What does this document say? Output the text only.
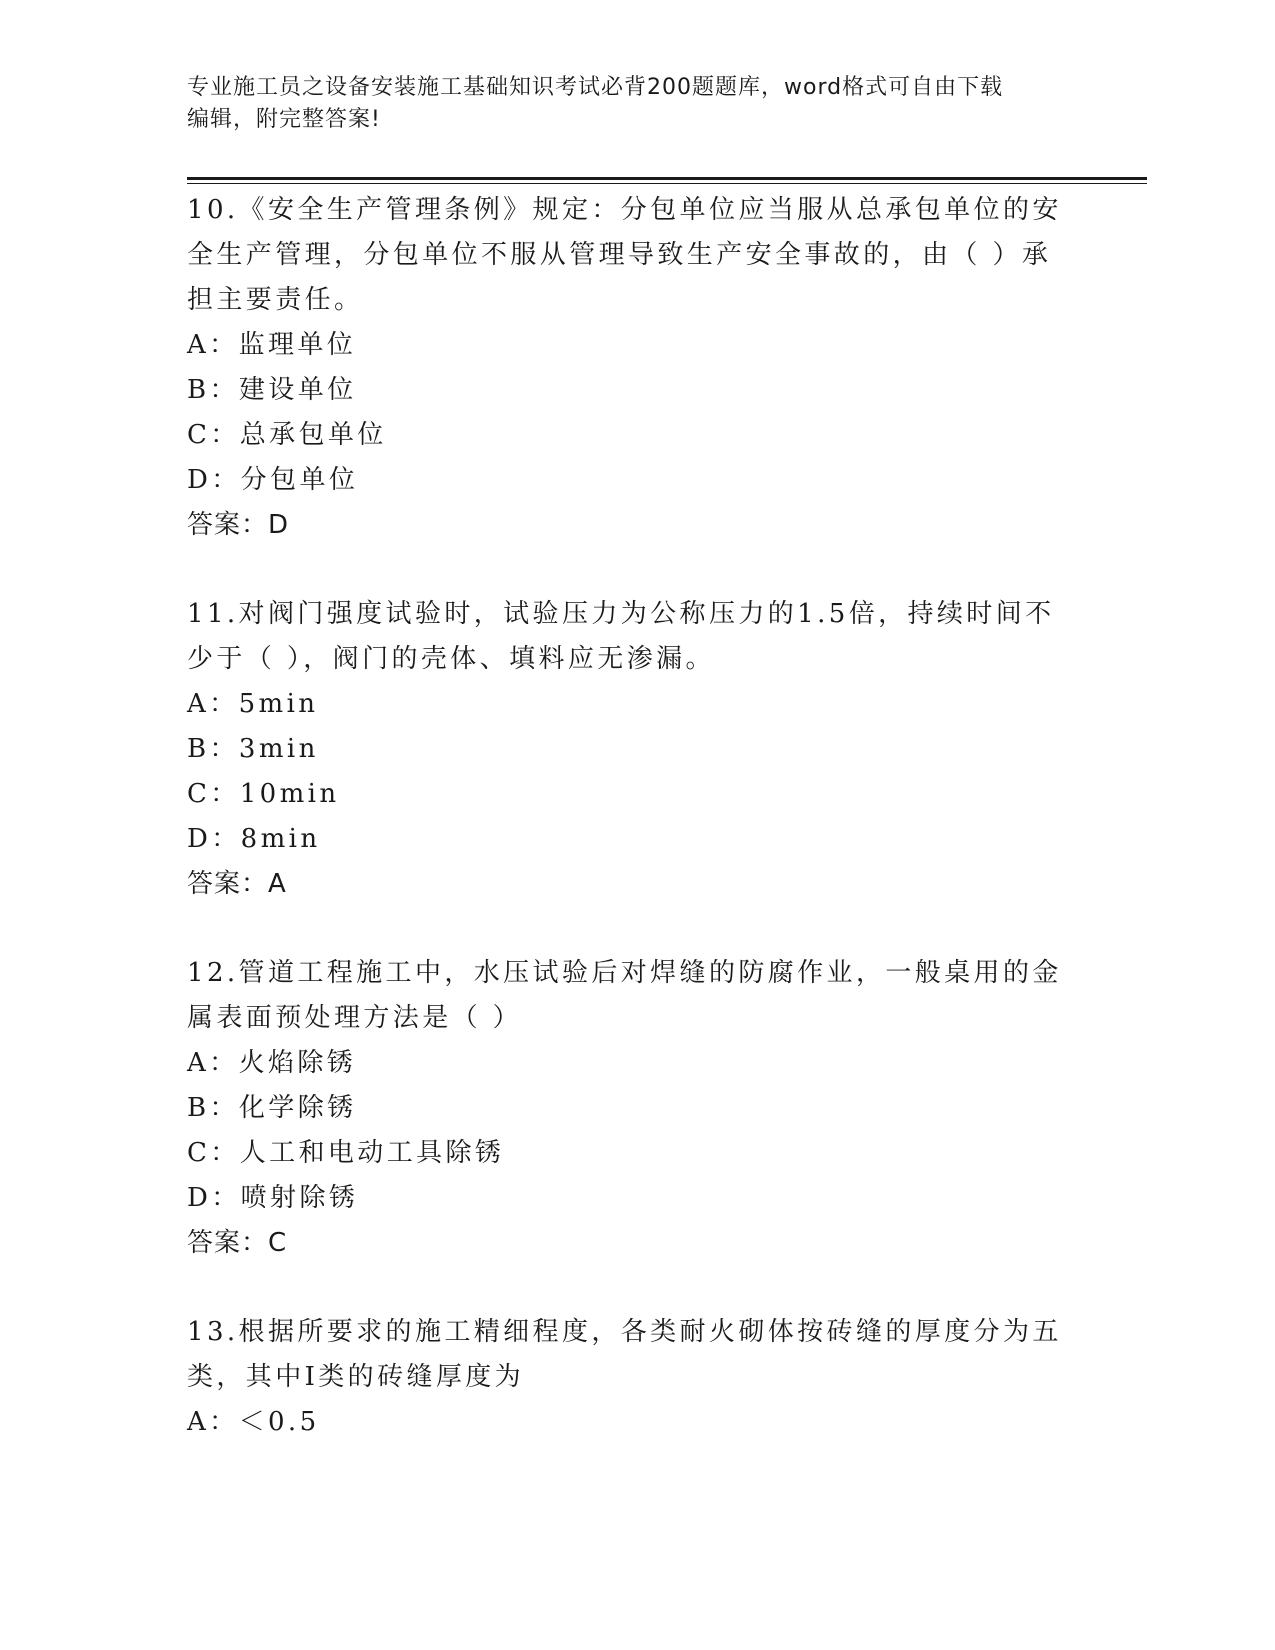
专业施工员之设备安装施工基础知识考试必背200题题库，word格式可自由下载
编辑，附完整答案!

10.《安全生产管理条例》规定：分包单位应当服从总承包单位的安全生产管理，分包单位不服从管理导致生产安全事故的，由（ ）承担主要责任。

A：监理单位
B：建设单位
C：总承包单位
D：分包单位
答案：D

11.对阀门强度试验时，试验压力为公称压力的1.5倍，持续时间不少于（ ），阀门的壳体、填料应无渗漏。

A：5min
B：3min
C：10min
D：8min
答案：A

12.管道工程施工中，水压试验后对焊缝的防腐作业，一般桌用的金属表面预处理方法是（ ）

A：火焰除锈
B：化学除锈
C：人工和电动工具除锈
D：喷射除锈
答案：C

13.根据所要求的施工精细程度，各类耐火砌体按砖缝的厚度分为五类，其中Ⅰ类的砖缝厚度为

A：＜0.5
